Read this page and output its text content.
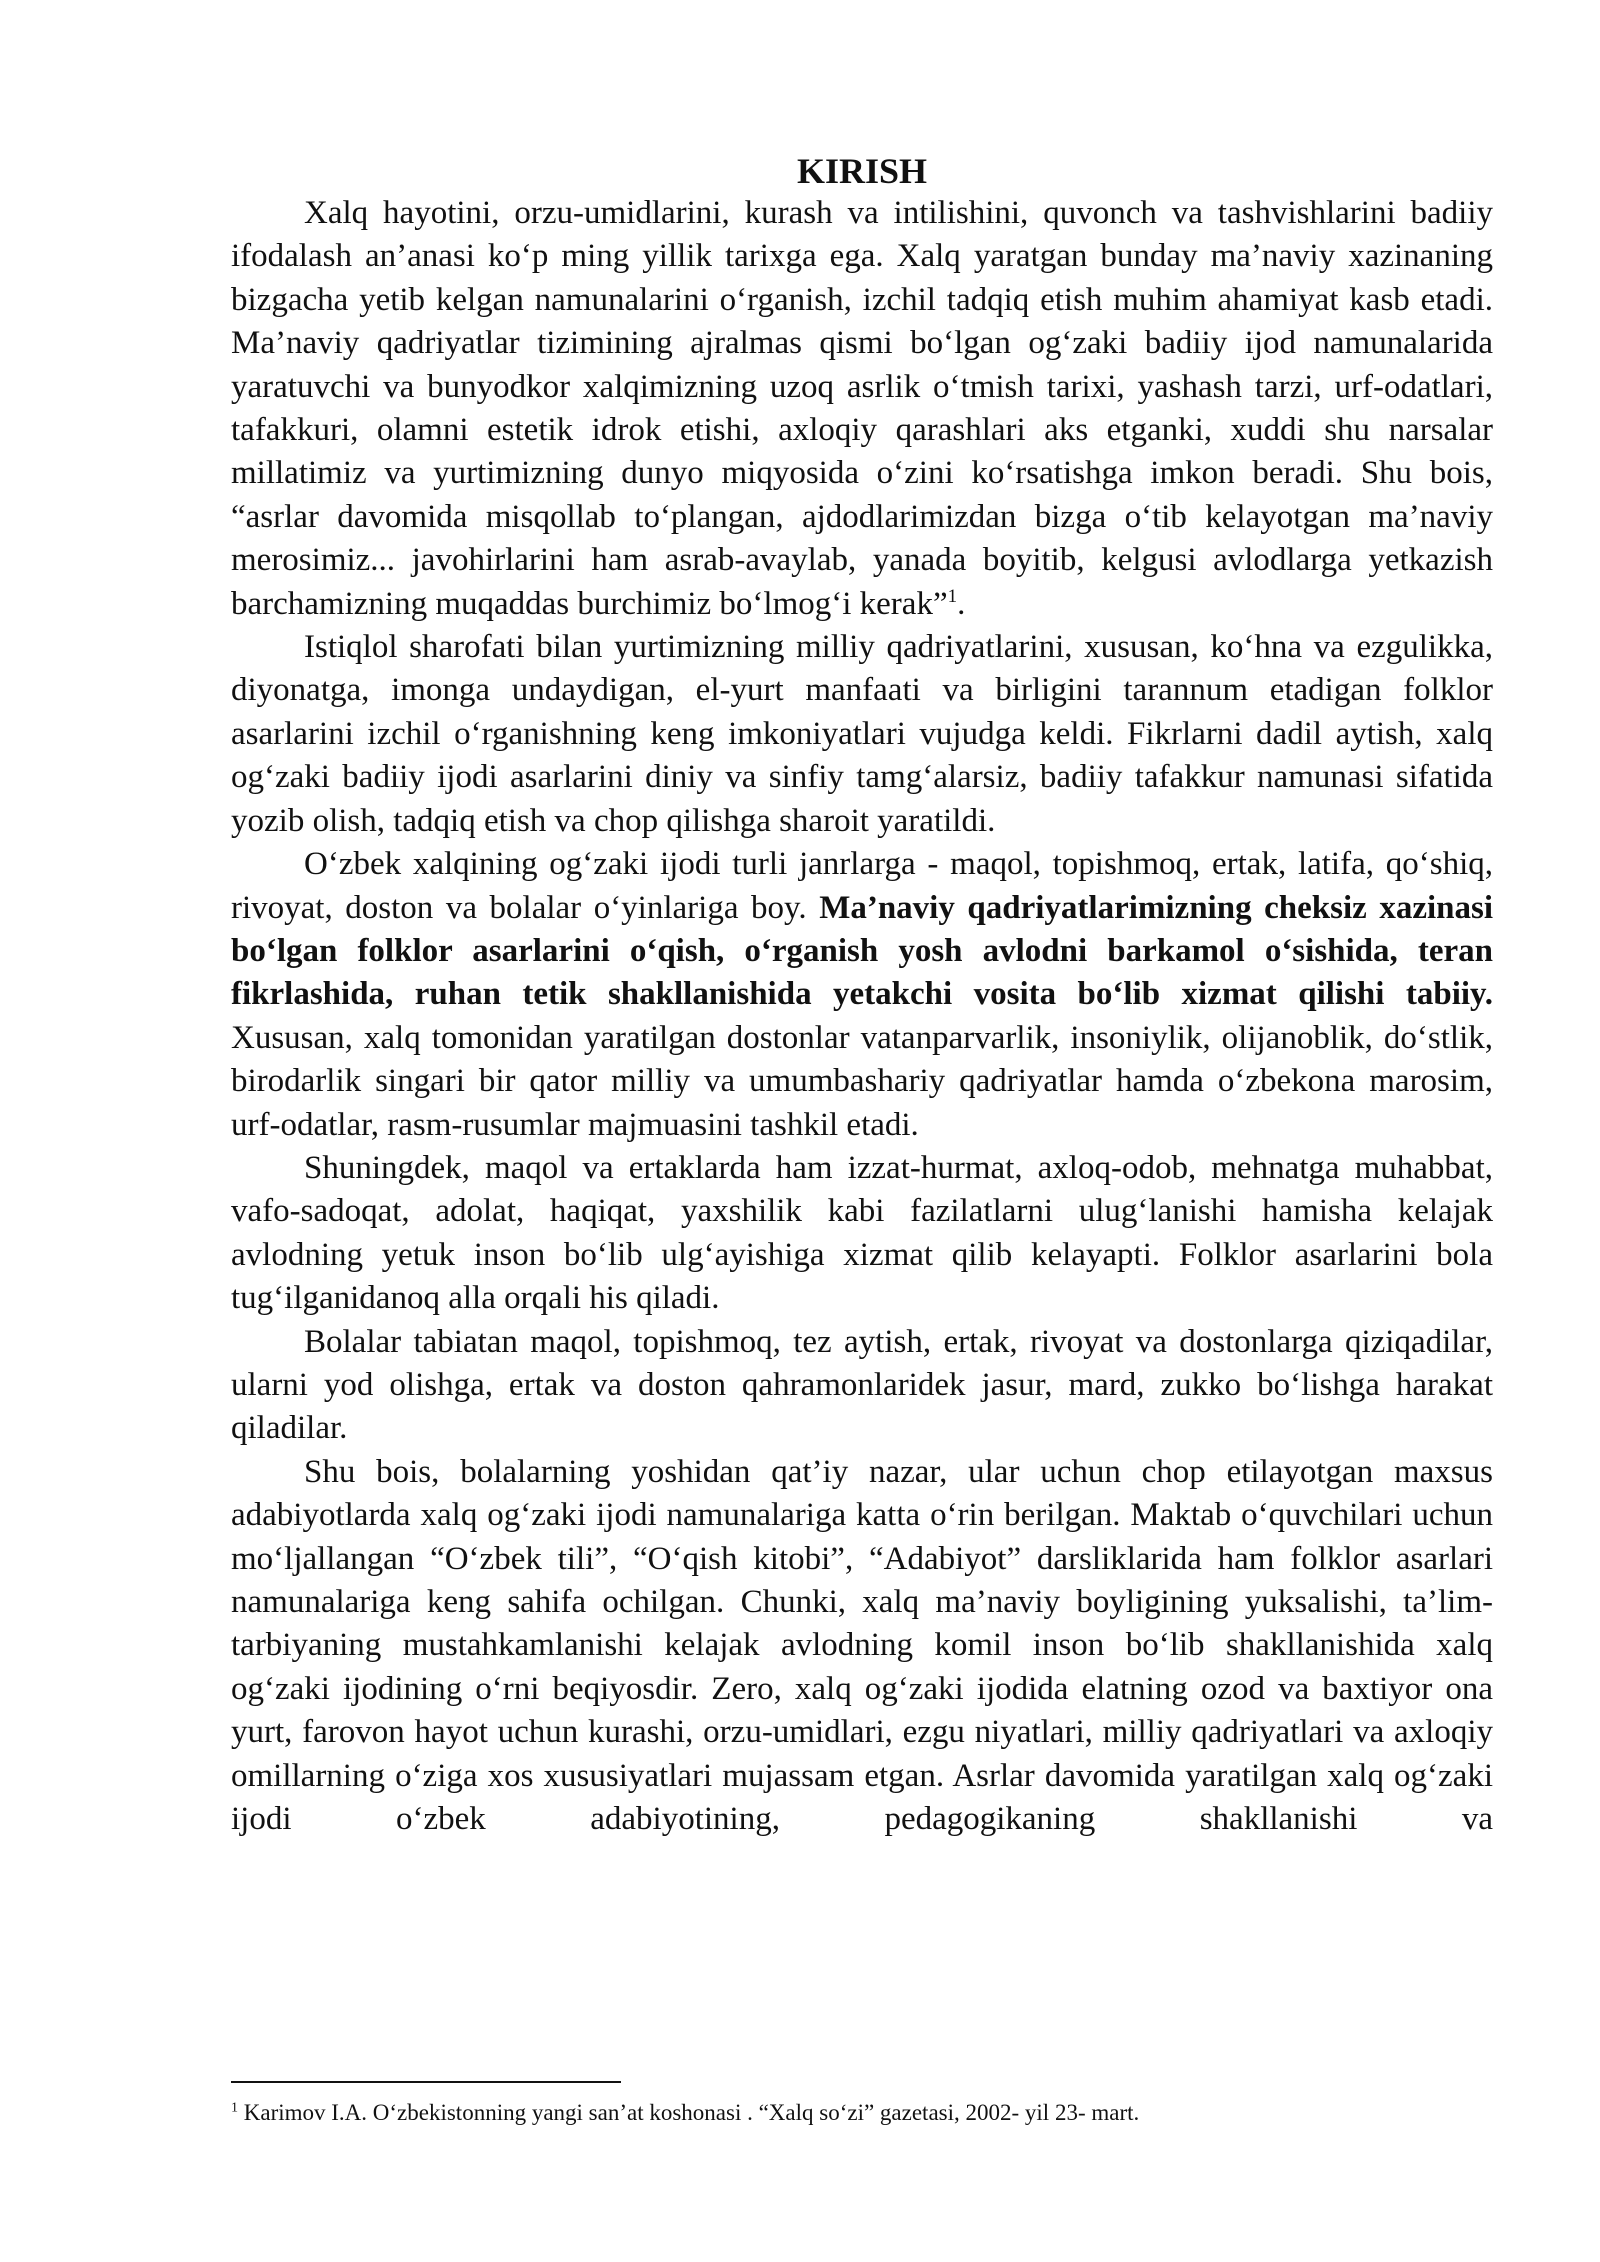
KIRISH

Xalq hayotini, orzu-umidlarini, kurash va intilishini, quvonch va tashvishlarini badiiy ifodalash an’anasi ko‘p ming yillik tarixga ega. Xalq yaratgan bunday ma’naviy xazinaning bizgacha yetib kelgan namunalarini o‘rganish, izchil tadqiq etish muhim ahamiyat kasb etadi. Ma’naviy qadriyatlar tizimining ajralmas qismi bo‘lgan og‘zaki badiiy ijod namunalarida yaratuvchi va bunyodkor xalqimizning uzoq asrlik o‘tmish tarixi, yashash tarzi, urf-odatlari, tafakkuri, olamni estetik idrok etishi, axloqiy qarashlari aks etganki, xuddi shu narsalar millatimiz va yurtimizning dunyo miqyosida o‘zini ko‘rsatishga imkon beradi. Shu bois, “asrlar davomida misqollab to‘plangan, ajdodlarimizdan bizga o‘tib kelayotgan ma’naviy merosimiz... javohirlarini ham asrab-avaylab, yanada boyitib, kelgusi avlodlarga yetkazish barchamizning muqaddas burchimiz bo‘lmog‘i kerak”$^1$.

Istiqlol sharofati bilan yurtimizning milliy qadriyatlarini, xususan, ko‘hna va ezgulikka, diyonatga, imonga undaydigan, el-yurt manfaati va birligini tarannum etadigan folklor asarlarini izchil o‘rganishning keng imkoniyatlari vujudga keldi. Fikrlarni dadil aytish, xalq og‘zaki badiiy ijodi asarlarini diniy va sinfiy tamg‘alarsiz, badiiy tafakkur namunasi sifatida yozib olish, tadqiq etish va chop qilishga sharoit yaratildi.

O‘zbek xalqining og‘zaki ijodi turli janrlarga - maqol, topishmoq, ertak, latifa, qo‘shiq, rivoyat, doston va bolalar o‘yinlariga boy. Ma’naviy qadriyatlarimizning cheksiz xazinasi bo‘lgan folklor asarlarini o‘qish, o‘rganish yosh avlodni barkamol o‘sishida, teran fikrlashida, ruhan tetik shakllanishida yetakchi vosita bo‘lib xizmat qilishi tabiiy. Xususan, xalq tomonidan yaratilgan dostonlar vatanparvarlik, insoniylik, olijanoblik, do‘stlik, birodarlik singari bir qator milliy va umumbashariy qadriyatlar hamda o‘zbekona marosim, urf-odatlar, rasm-rusumlar majmuasini tashkil etadi.

Shuningdek, maqol va ertaklarda ham izzat-hurmat, axloq-odob, mehnatga muhabbat, vafo-sadoqat, adolat, haqiqat, yaxshilik kabi fazilatlarni ulug‘lanishi hamisha kelajak avlodning yetuk inson bo‘lib ulg‘ayishiga xizmat qilib kelayapti. Folklor asarlarini bola tug‘ilganidanoq alla orqali his qiladi.

Bolalar tabiatan maqol, topishmoq, tez aytish, ertak, rivoyat va dostonlarga qiziqadilar, ularni yod olishga, ertak va doston qahramonlaridek jasur, mard, zukko bo‘lishga harakat qiladilar.

Shu bois, bolalarning yoshidan qat’iy nazar, ular uchun chop etilayotgan maxsus adabiyotlarda xalq og‘zaki ijodi namunalariga katta o‘rin berilgan. Maktab o‘quvchilari uchun mo‘ljallangan “O‘zbek tili”, “O‘qish kitobi”, “Adabiyot” darsliklarida ham folklor asarlari namunalariga keng sahifa ochilgan. Chunki, xalq ma’naviy boyligining yuksalishi, ta’lim-tarbiyaning mustahkamlanishi kelajak avlodning komil inson bo‘lib shakllanishida xalq og‘zaki ijodining o‘rni beqiyosdir. Zero, xalq og‘zaki ijodida elatning ozod va baxtiyor ona yurt, farovon hayot uchun kurashi, orzu-umidlari, ezgu niyatlari, milliy qadriyatlari va axloqiy omillarning o‘ziga xos xususiyatlari mujassam etgan. Asrlar davomida yaratilgan xalq og‘zaki ijodi o‘zbek adabiyotining, pedagogikaning shakllanishi va

$^1$ Karimov I.A. O‘zbekistonning yangi san’at koshonasi . “Xalq so‘zi” gazetasi, 2002- yil 23- mart.
